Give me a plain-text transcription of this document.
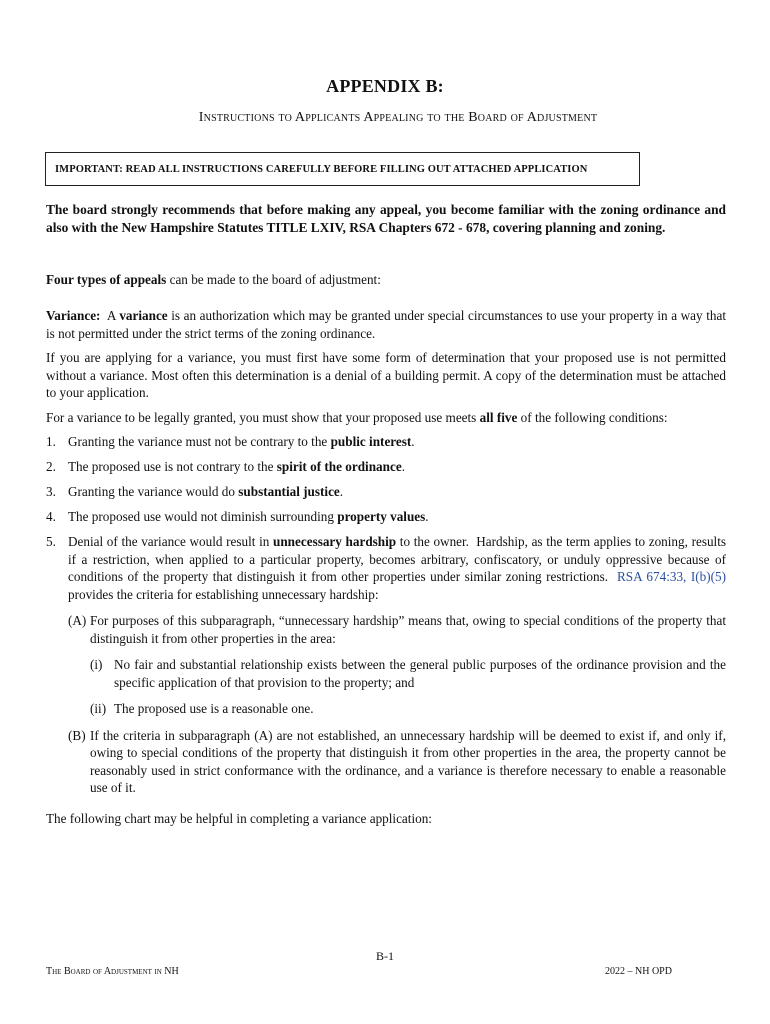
APPENDIX B:
Instructions to Applicants Appealing to the Board of Adjustment
IMPORTANT: READ ALL INSTRUCTIONS CAREFULLY BEFORE FILLING OUT ATTACHED APPLICATION
The board strongly recommends that before making any appeal, you become familiar with the zoning ordinance and also with the New Hampshire Statutes TITLE LXIV, RSA Chapters 672 - 678, covering planning and zoning.
Four types of appeals can be made to the board of adjustment:
Variance:  A variance is an authorization which may be granted under special circumstances to use your property in a way that is not permitted under the strict terms of the zoning ordinance.
If you are applying for a variance, you must first have some form of determination that your proposed use is not permitted without a variance. Most often this determination is a denial of a building permit. A copy of the determination must be attached to your application.
For a variance to be legally granted, you must show that your proposed use meets all five of the following conditions:
1. Granting the variance must not be contrary to the public interest.
2. The proposed use is not contrary to the spirit of the ordinance.
3. Granting the variance would do substantial justice.
4. The proposed use would not diminish surrounding property values.
5. Denial of the variance would result in unnecessary hardship to the owner.  Hardship, as the term applies to zoning, results if a restriction, when applied to a particular property, becomes arbitrary, confiscatory, or unduly oppressive because of conditions of the property that distinguish it from other properties under similar zoning restrictions.  RSA 674:33, I(b)(5) provides the criteria for establishing unnecessary hardship:
(A) For purposes of this subparagraph, “unnecessary hardship” means that, owing to special conditions of the property that distinguish it from other properties in the area:
(i) No fair and substantial relationship exists between the general public purposes of the ordinance provision and the specific application of that provision to the property; and
(ii) The proposed use is a reasonable one.
(B) If the criteria in subparagraph (A) are not established, an unnecessary hardship will be deemed to exist if, and only if, owing to special conditions of the property that distinguish it from other properties in the area, the property cannot be reasonably used in strict conformance with the ordinance, and a variance is therefore necessary to enable a reasonable use of it.
The following chart may be helpful in completing a variance application:
B-1
The Board of Adjustment in NH	2022 – NH OPD
